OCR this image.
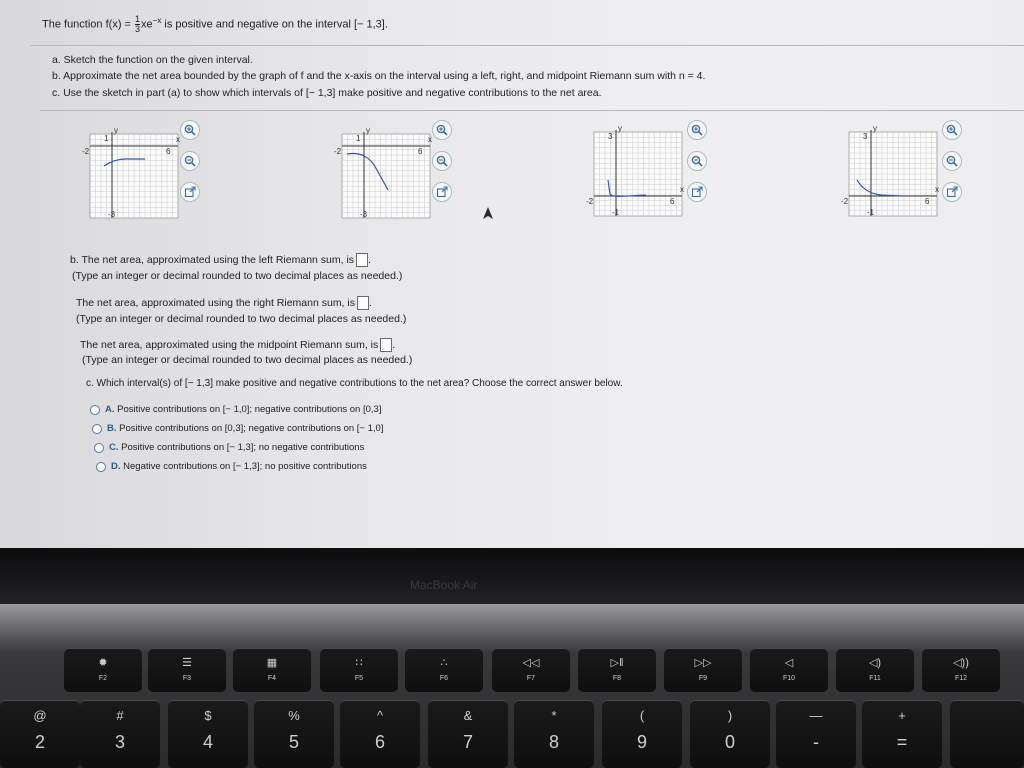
The function $f(x) = \frac{1}{3} xe^{-x}$ is positive and negative on the interval [− 1,3].
a. Sketch the function on the given interval.
b. Approximate the net area bounded by the graph of f and the x-axis on the interval using a left, right, and midpoint Riemann sum with n = 4.
c. Use the sketch in part (a) to show which intervals of [− 1,3] make positive and negative contributions to the net area.
y
1
-2	6
x
-3
y
1
-2	6
x
-3
y
3
-2	6
x
-1
y
3
-2	6
x
-1
b. The net area, approximated using the left Riemann sum, is .
(Type an integer or decimal rounded to two decimal places as needed.)
The net area, approximated using the right Riemann sum, is .
(Type an integer or decimal rounded to two decimal places as needed.)
The net area, approximated using the midpoint Riemann sum, is .
(Type an integer or decimal rounded to two decimal places as needed.)
c. Which interval(s) of [− 1,3] make positive and negative contributions to the net area? Choose the correct answer below.
A. Positive contributions on [− 1,0]; negative contributions on [0,3]
B. Positive contributions on [0,3]; negative contributions on [− 1,0]
C. Positive contributions on [− 1,3]; no negative contributions
D. Negative contributions on [− 1,3]; no positive contributions
MacBook Air
✹
F2
☰
F3
▦
F4
∷
F5
∴
F6
◁◁
F7
▷‖
F8
▷▷
F9
◁
F10
◁)
F11
◁))
F12
@
2
#
3
$
4
%
5
^
6
&
7
*
8
(
9
)
0
—
-
+
=
